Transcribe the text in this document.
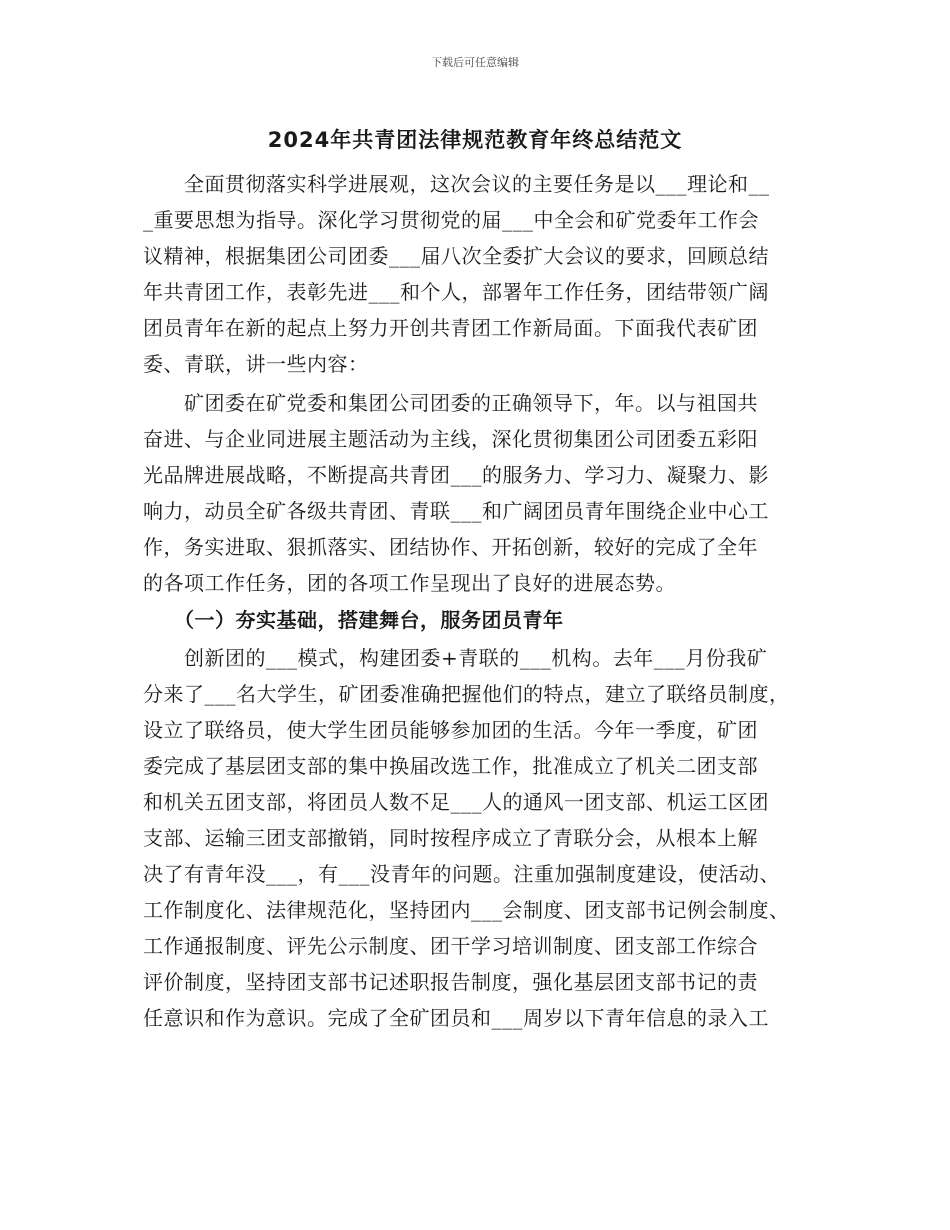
下载后可任意编辑
2024年共青团法律规范教育年终总结范文
　　全面贯彻落实科学进展观，这次会议的主要任务是以___理论和__
_重要思想为指导。深化学习贯彻党的届___中全会和矿党委年工作会
议精神，根据集团公司团委___届八次全委扩大会议的要求，回顾总结
年共青团工作，表彰先进___和个人，部署年工作任务，团结带领广阔
团员青年在新的起点上努力开创共青团工作新局面。下面我代表矿团
委、青联，讲一些内容：
　　矿团委在矿党委和集团公司团委的正确领导下，年。以与祖国共
奋进、与企业同进展主题活动为主线，深化贯彻集团公司团委五彩阳
光品牌进展战略，不断提高共青团___的服务力、学习力、凝聚力、影
响力，动员全矿各级共青团、青联___和广阔团员青年围绕企业中心工
作，务实进取、狠抓落实、团结协作、开拓创新，较好的完成了全年
的各项工作任务，团的各项工作呈现出了良好的进展态势。
　　（一）夯实基础，搭建舞台，服务团员青年
　　创新团的___模式，构建团委+青联的___机构。去年___月份我矿
分来了___名大学生，矿团委准确把握他们的特点，建立了联络员制度，
设立了联络员，使大学生团员能够参加团的生活。今年一季度，矿团
委完成了基层团支部的集中换届改选工作，批准成立了机关二团支部
和机关五团支部，将团员人数不足___人的通风一团支部、机运工区团
支部、运输三团支部撤销，同时按程序成立了青联分会，从根本上解
决了有青年没___，有___没青年的问题。注重加强制度建设，使活动、
工作制度化、法律规范化，坚持团内___会制度、团支部书记例会制度、
工作通报制度、评先公示制度、团干学习培训制度、团支部工作综合
评价制度，坚持团支部书记述职报告制度，强化基层团支部书记的责
任意识和作为意识。完成了全矿团员和___周岁以下青年信息的录入工
